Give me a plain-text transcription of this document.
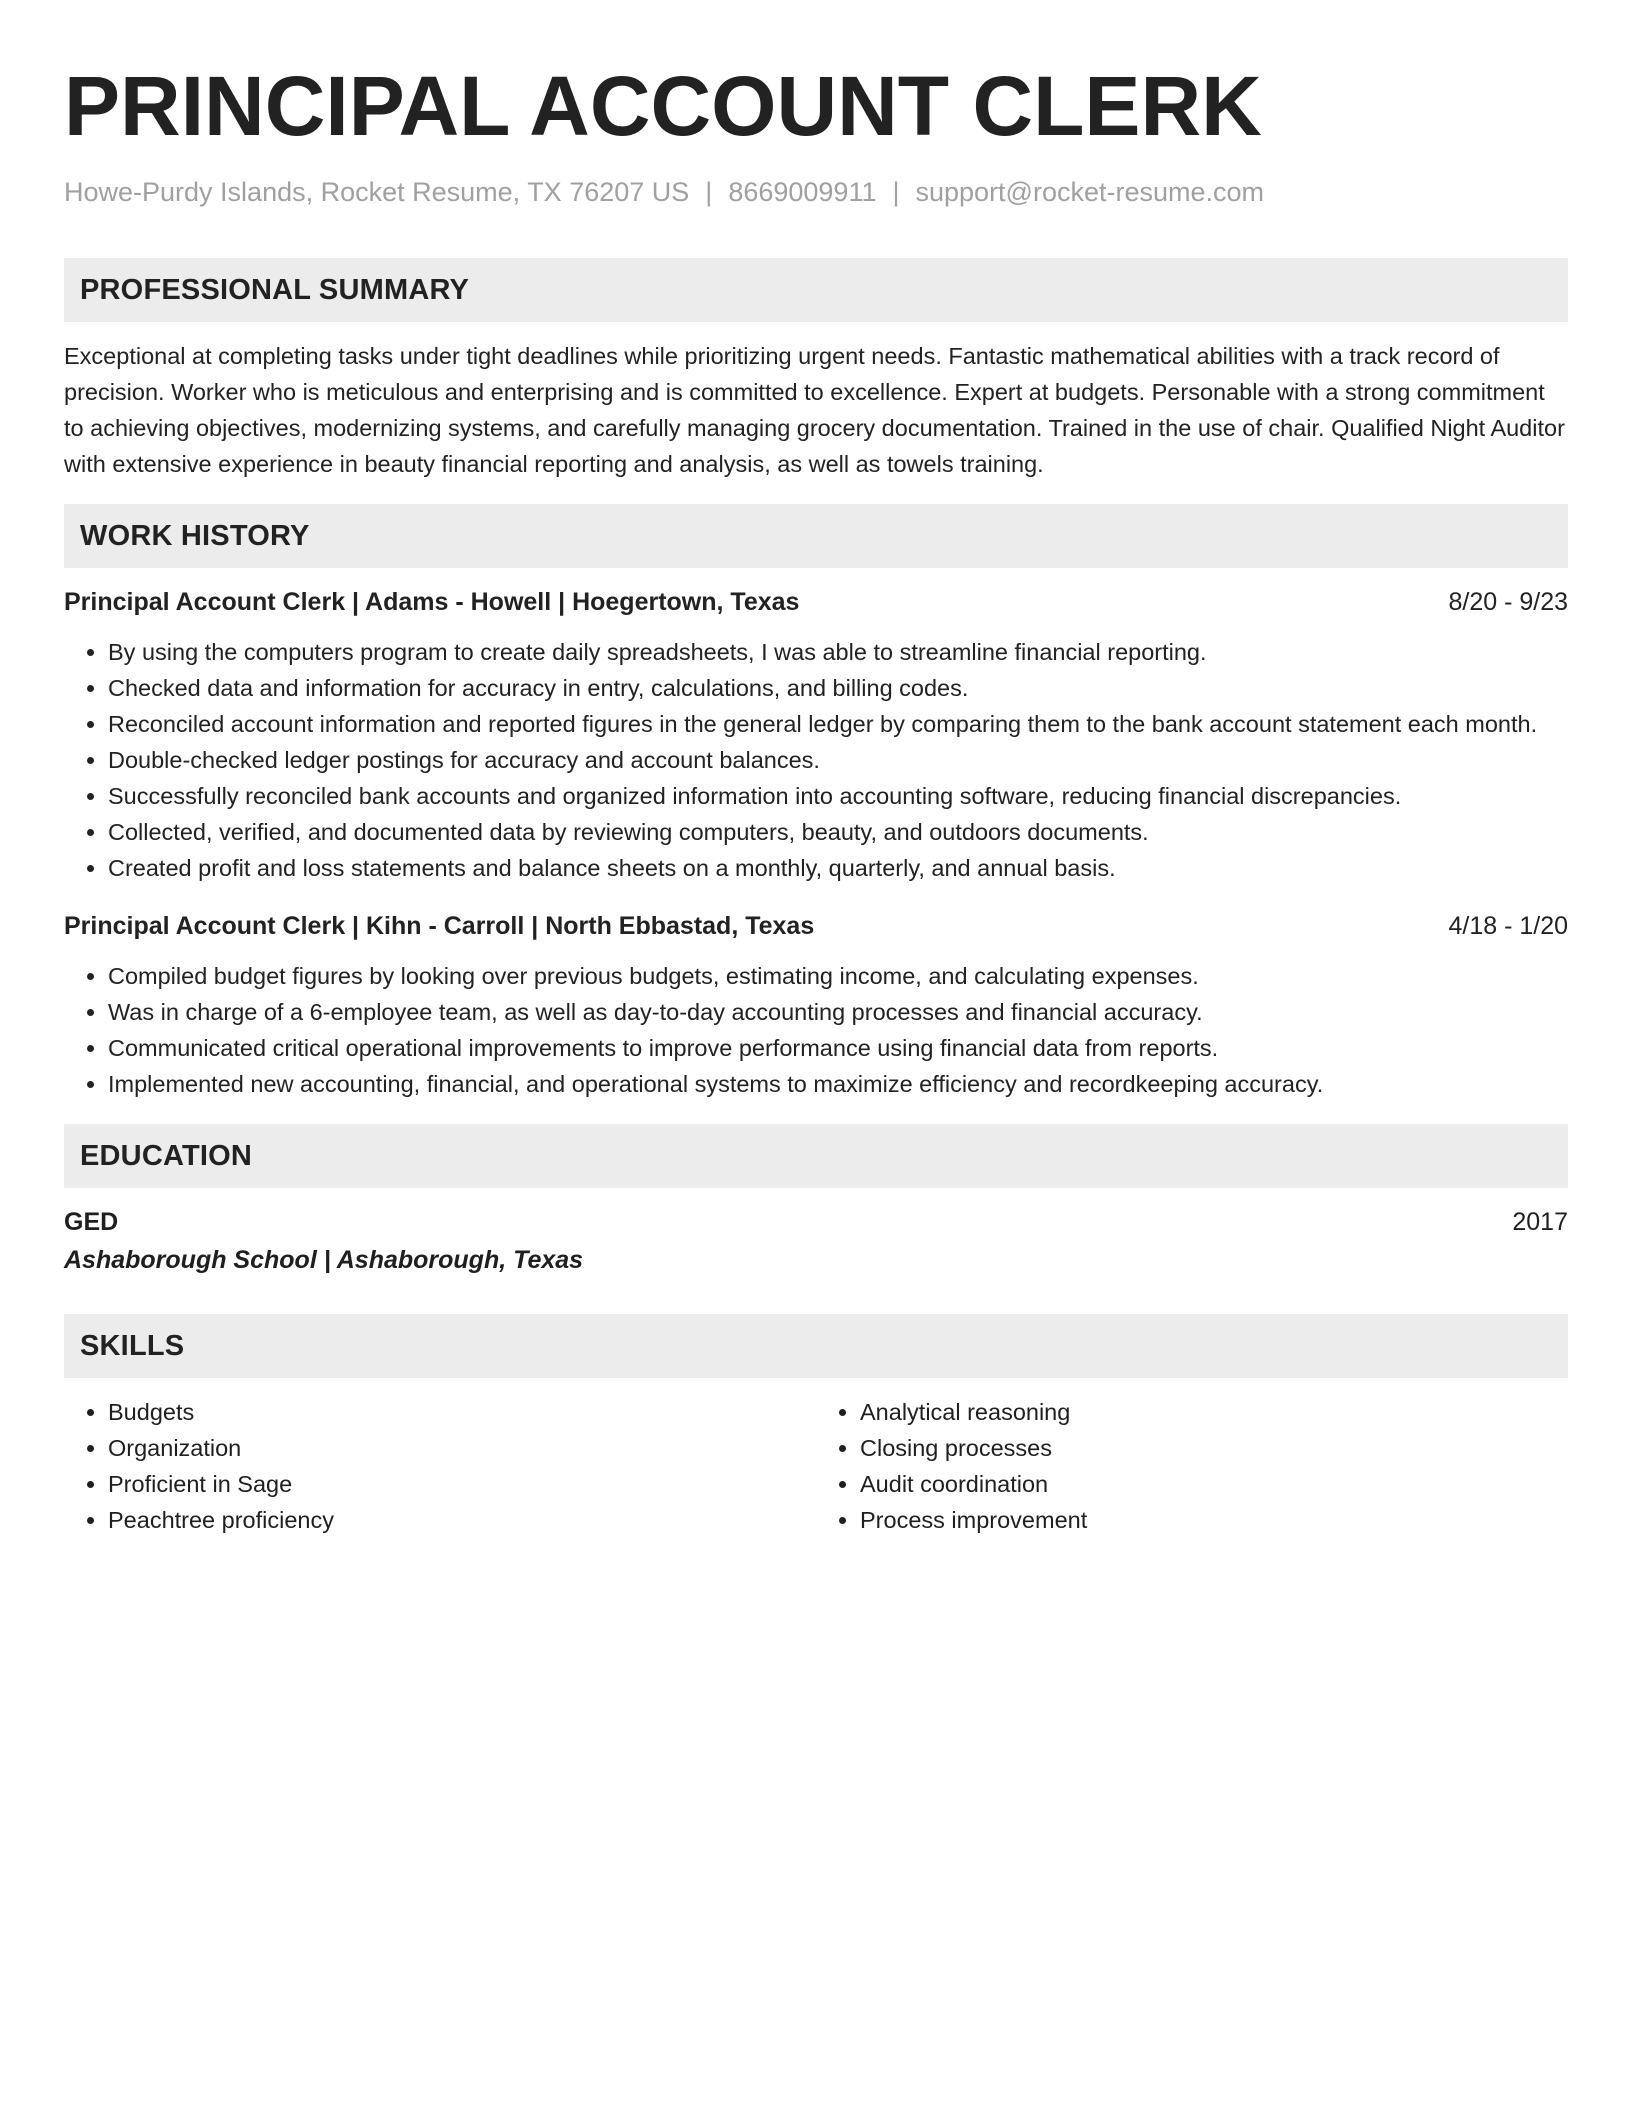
PRINCIPAL ACCOUNT CLERK
Howe-Purdy Islands, Rocket Resume, TX 76207 US | 8669009911 | support@rocket-resume.com
PROFESSIONAL SUMMARY

Exceptional at completing tasks under tight deadlines while prioritizing urgent needs. Fantastic mathematical abilities with a track record of precision. Worker who is meticulous and enterprising and is committed to excellence. Expert at budgets. Personable with a strong commitment to achieving objectives, modernizing systems, and carefully managing grocery documentation. Trained in the use of chair. Qualified Night Auditor with extensive experience in beauty financial reporting and analysis, as well as towels training.

WORK HISTORY
Principal Account Clerk | Adams - Howell | Hoegertown, Texas	8/20 - 9/23
• By using the computers program to create daily spreadsheets, I was able to streamline financial reporting.
• Checked data and information for accuracy in entry, calculations, and billing codes.
• Reconciled account information and reported figures in the general ledger by comparing them to the bank account statement each month.
• Double-checked ledger postings for accuracy and account balances.
• Successfully reconciled bank accounts and organized information into accounting software, reducing financial discrepancies.
• Collected, verified, and documented data by reviewing computers, beauty, and outdoors documents.
• Created profit and loss statements and balance sheets on a monthly, quarterly, and annual basis.
Principal Account Clerk | Kihn - Carroll | North Ebbastad, Texas	4/18 - 1/20
• Compiled budget figures by looking over previous budgets, estimating income, and calculating expenses.
• Was in charge of a 6-employee team, as well as day-to-day accounting processes and financial accuracy.
• Communicated critical operational improvements to improve performance using financial data from reports.
• Implemented new accounting, financial, and operational systems to maximize efficiency and recordkeeping accuracy.
EDUCATION
GED	2017
Ashaborough School | Ashaborough, Texas
SKILLS
• Budgets
• Organization
• Proficient in Sage
• Peachtree proficiency
• Analytical reasoning
• Closing processes
• Audit coordination
• Process improvement
